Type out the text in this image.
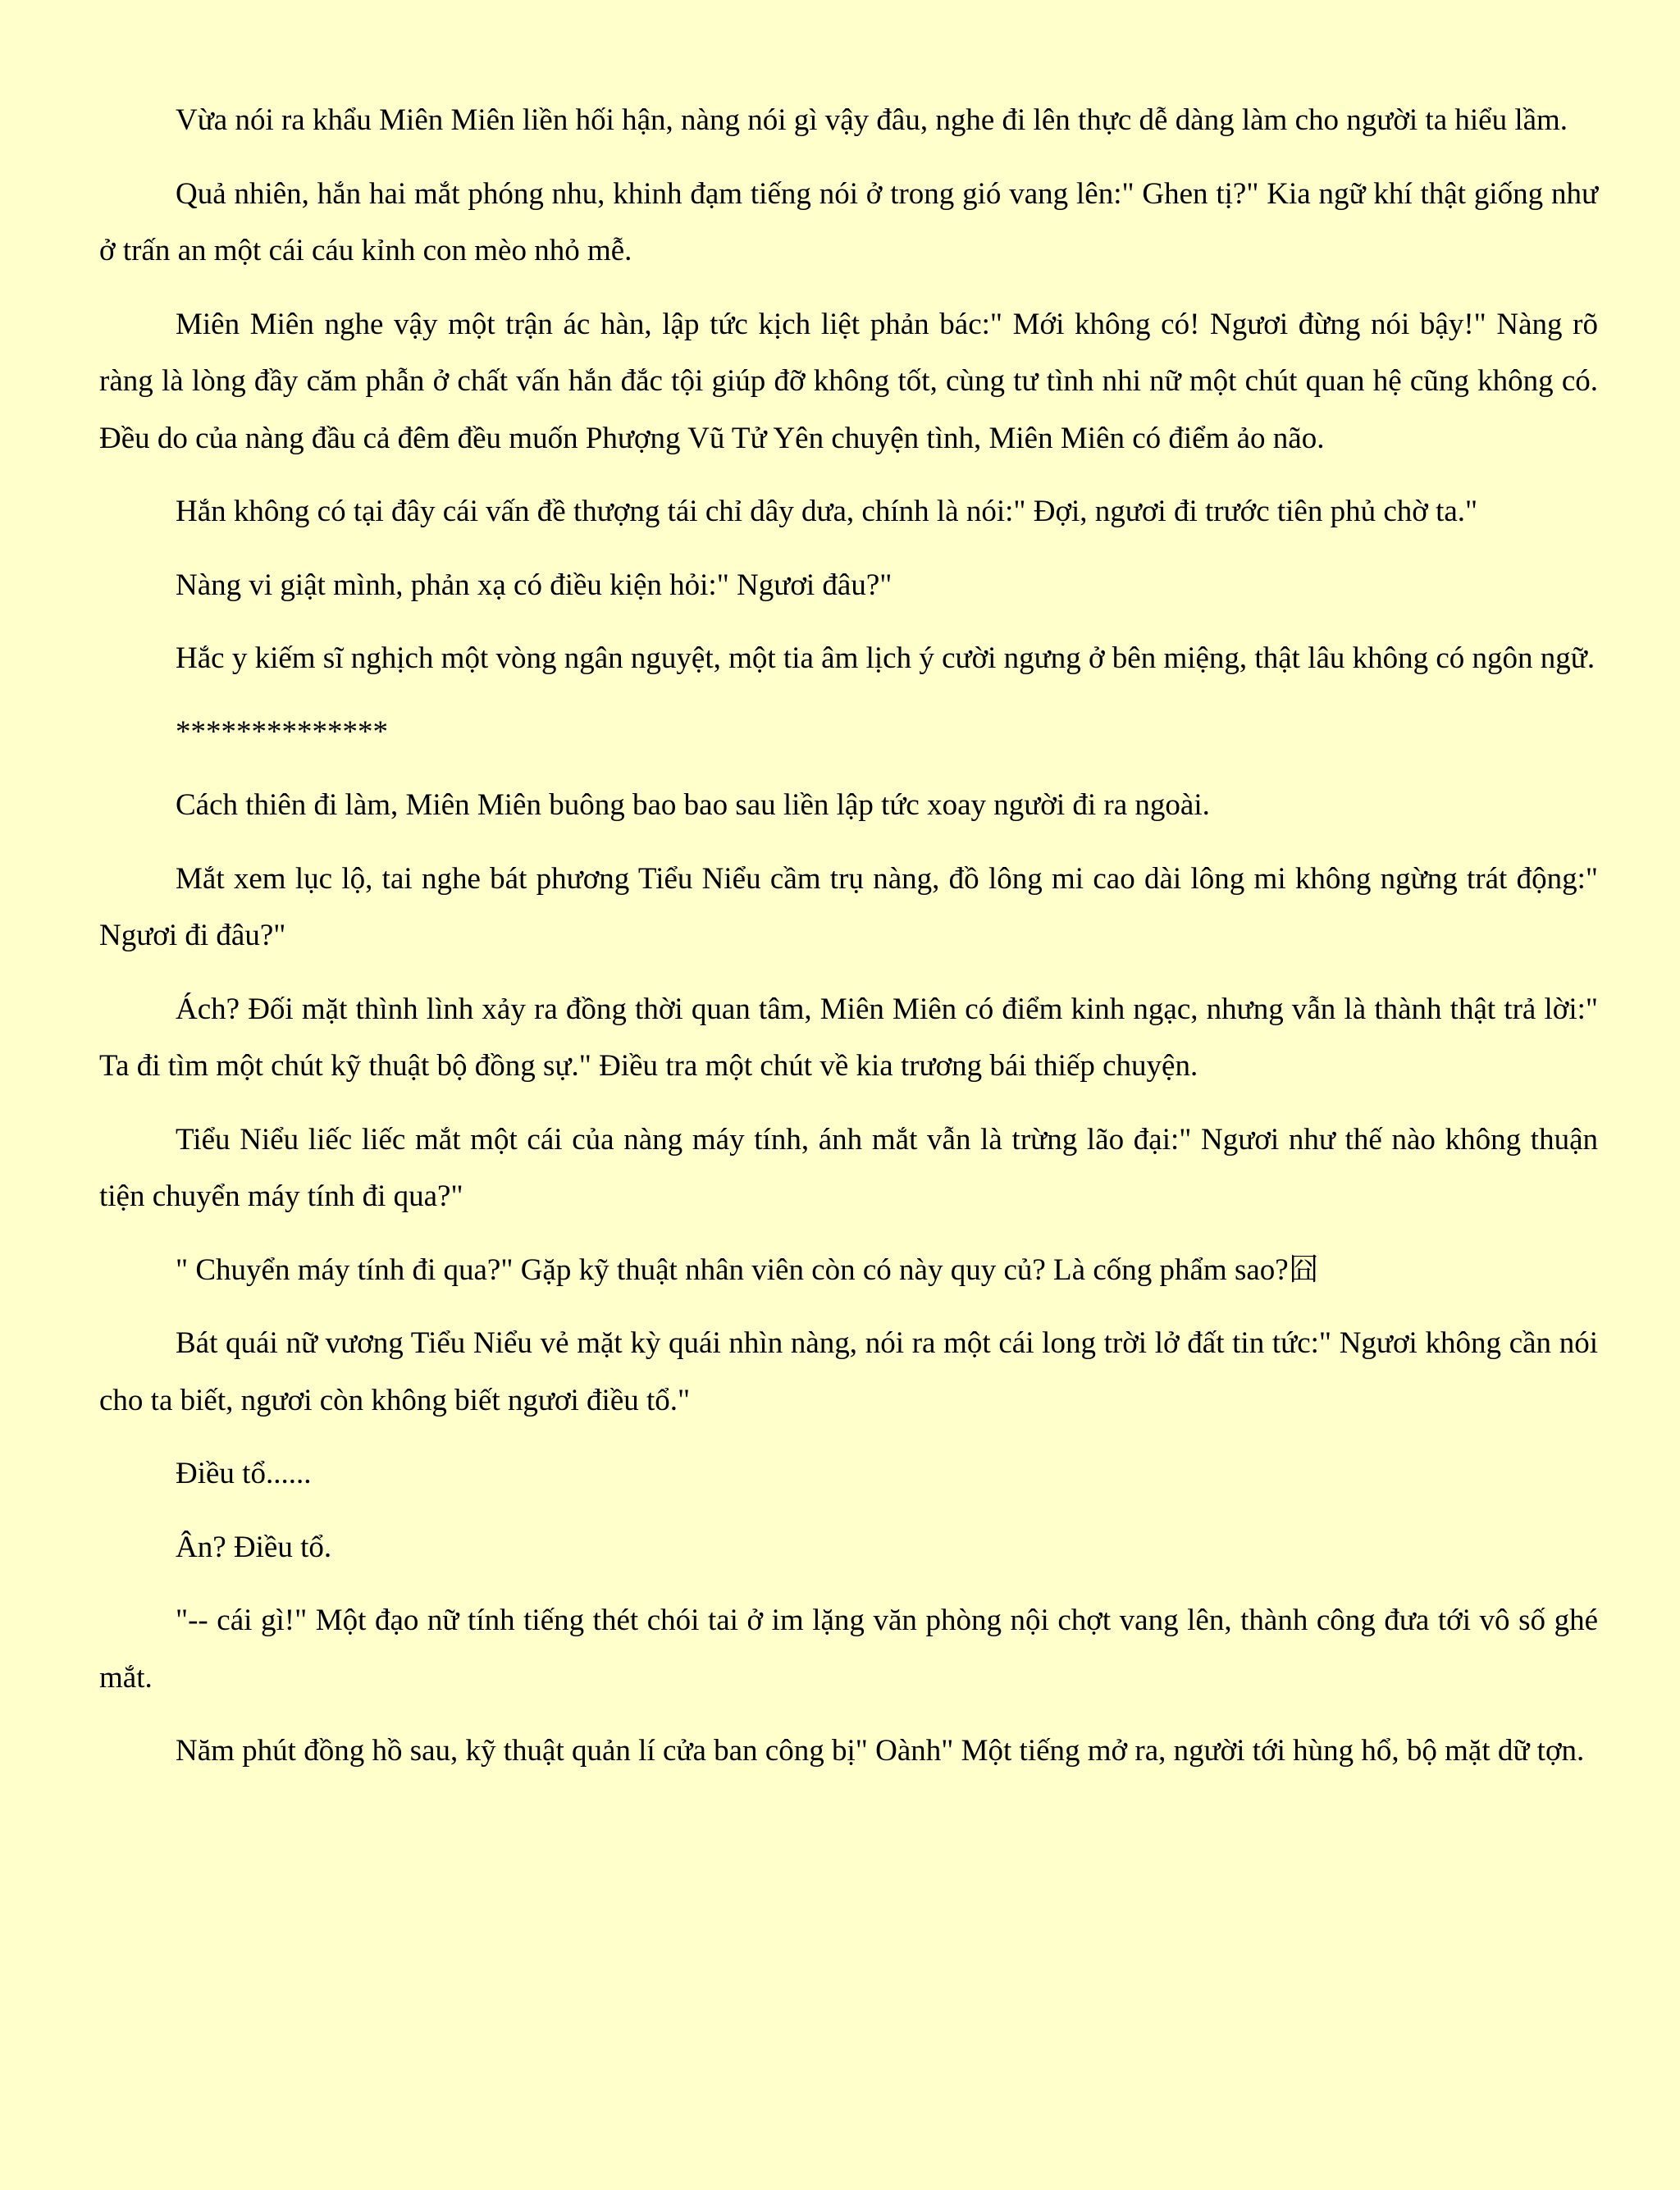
Vừa nói ra khẩu Miên Miên liền hối hận, nàng nói gì vậy đâu, nghe đi lên thực dễ dàng làm cho người ta hiểu lầm.

Quả nhiên, hắn hai mắt phóng nhu, khinh đạm tiếng nói ở trong gió vang lên:" Ghen tị?" Kia ngữ khí thật giống như ở trấn an một cái cáu kỉnh con mèo nhỏ mễ.

Miên Miên nghe vậy một trận ác hàn, lập tức kịch liệt phản bác:" Mới không có! Ngươi đừng nói bậy!" Nàng rõ ràng là lòng đầy căm phẫn ở chất vấn hắn đắc tội giúp đỡ không tốt, cùng tư tình nhi nữ một chút quan hệ cũng không có. Đều do của nàng đầu cả đêm đều muốn Phượng Vũ Tử Yên chuyện tình, Miên Miên có điểm ảo não.

Hắn không có tại đây cái vấn đề thượng tái chỉ dây dưa, chính là nói:" Đợi, ngươi đi trước tiên phủ chờ ta."

Nàng vi giật mình, phản xạ có điều kiện hỏi:" Ngươi đâu?"

Hắc y kiếm sĩ nghịch một vòng ngân nguyệt, một tia âm lịch ý cười ngưng ở bên miệng, thật lâu không có ngôn ngữ.

**************

Cách thiên đi làm, Miên Miên buông bao bao sau liền lập tức xoay người đi ra ngoài.

Mắt xem lục lộ, tai nghe bát phương Tiểu Niểu cầm trụ nàng, đồ lông mi cao dài lông mi không ngừng trát động:" Ngươi đi đâu?"

Ách? Đối mặt thình lình xảy ra đồng thời quan tâm, Miên Miên có điểm kinh ngạc, nhưng vẫn là thành thật trả lời:" Ta đi tìm một chút kỹ thuật bộ đồng sự." Điều tra một chút về kia trương bái thiếp chuyện.

Tiểu Niểu liếc liếc mắt một cái của nàng máy tính, ánh mắt vẫn là trừng lão đại:" Ngươi như thế nào không thuận tiện chuyển máy tính đi qua?"

" Chuyển máy tính đi qua?" Gặp kỹ thuật nhân viên còn có này quy củ? Là cống phẩm sao?囧

Bát quái nữ vương Tiểu Niểu vẻ mặt kỳ quái nhìn nàng, nói ra một cái long trời lở đất tin tức:" Ngươi không cần nói cho ta biết, ngươi còn không biết ngươi điều tổ."

Điều tổ......

Ân? Điều tổ.

"-- cái gì!" Một đạo nữ tính tiếng thét chói tai ở im lặng văn phòng nội chợt vang lên, thành công đưa tới vô số ghé mắt.

Năm phút đồng hồ sau, kỹ thuật quản lí cửa ban công bị" Oành" Một tiếng mở ra, người tới hùng hổ, bộ mặt dữ tợn.
